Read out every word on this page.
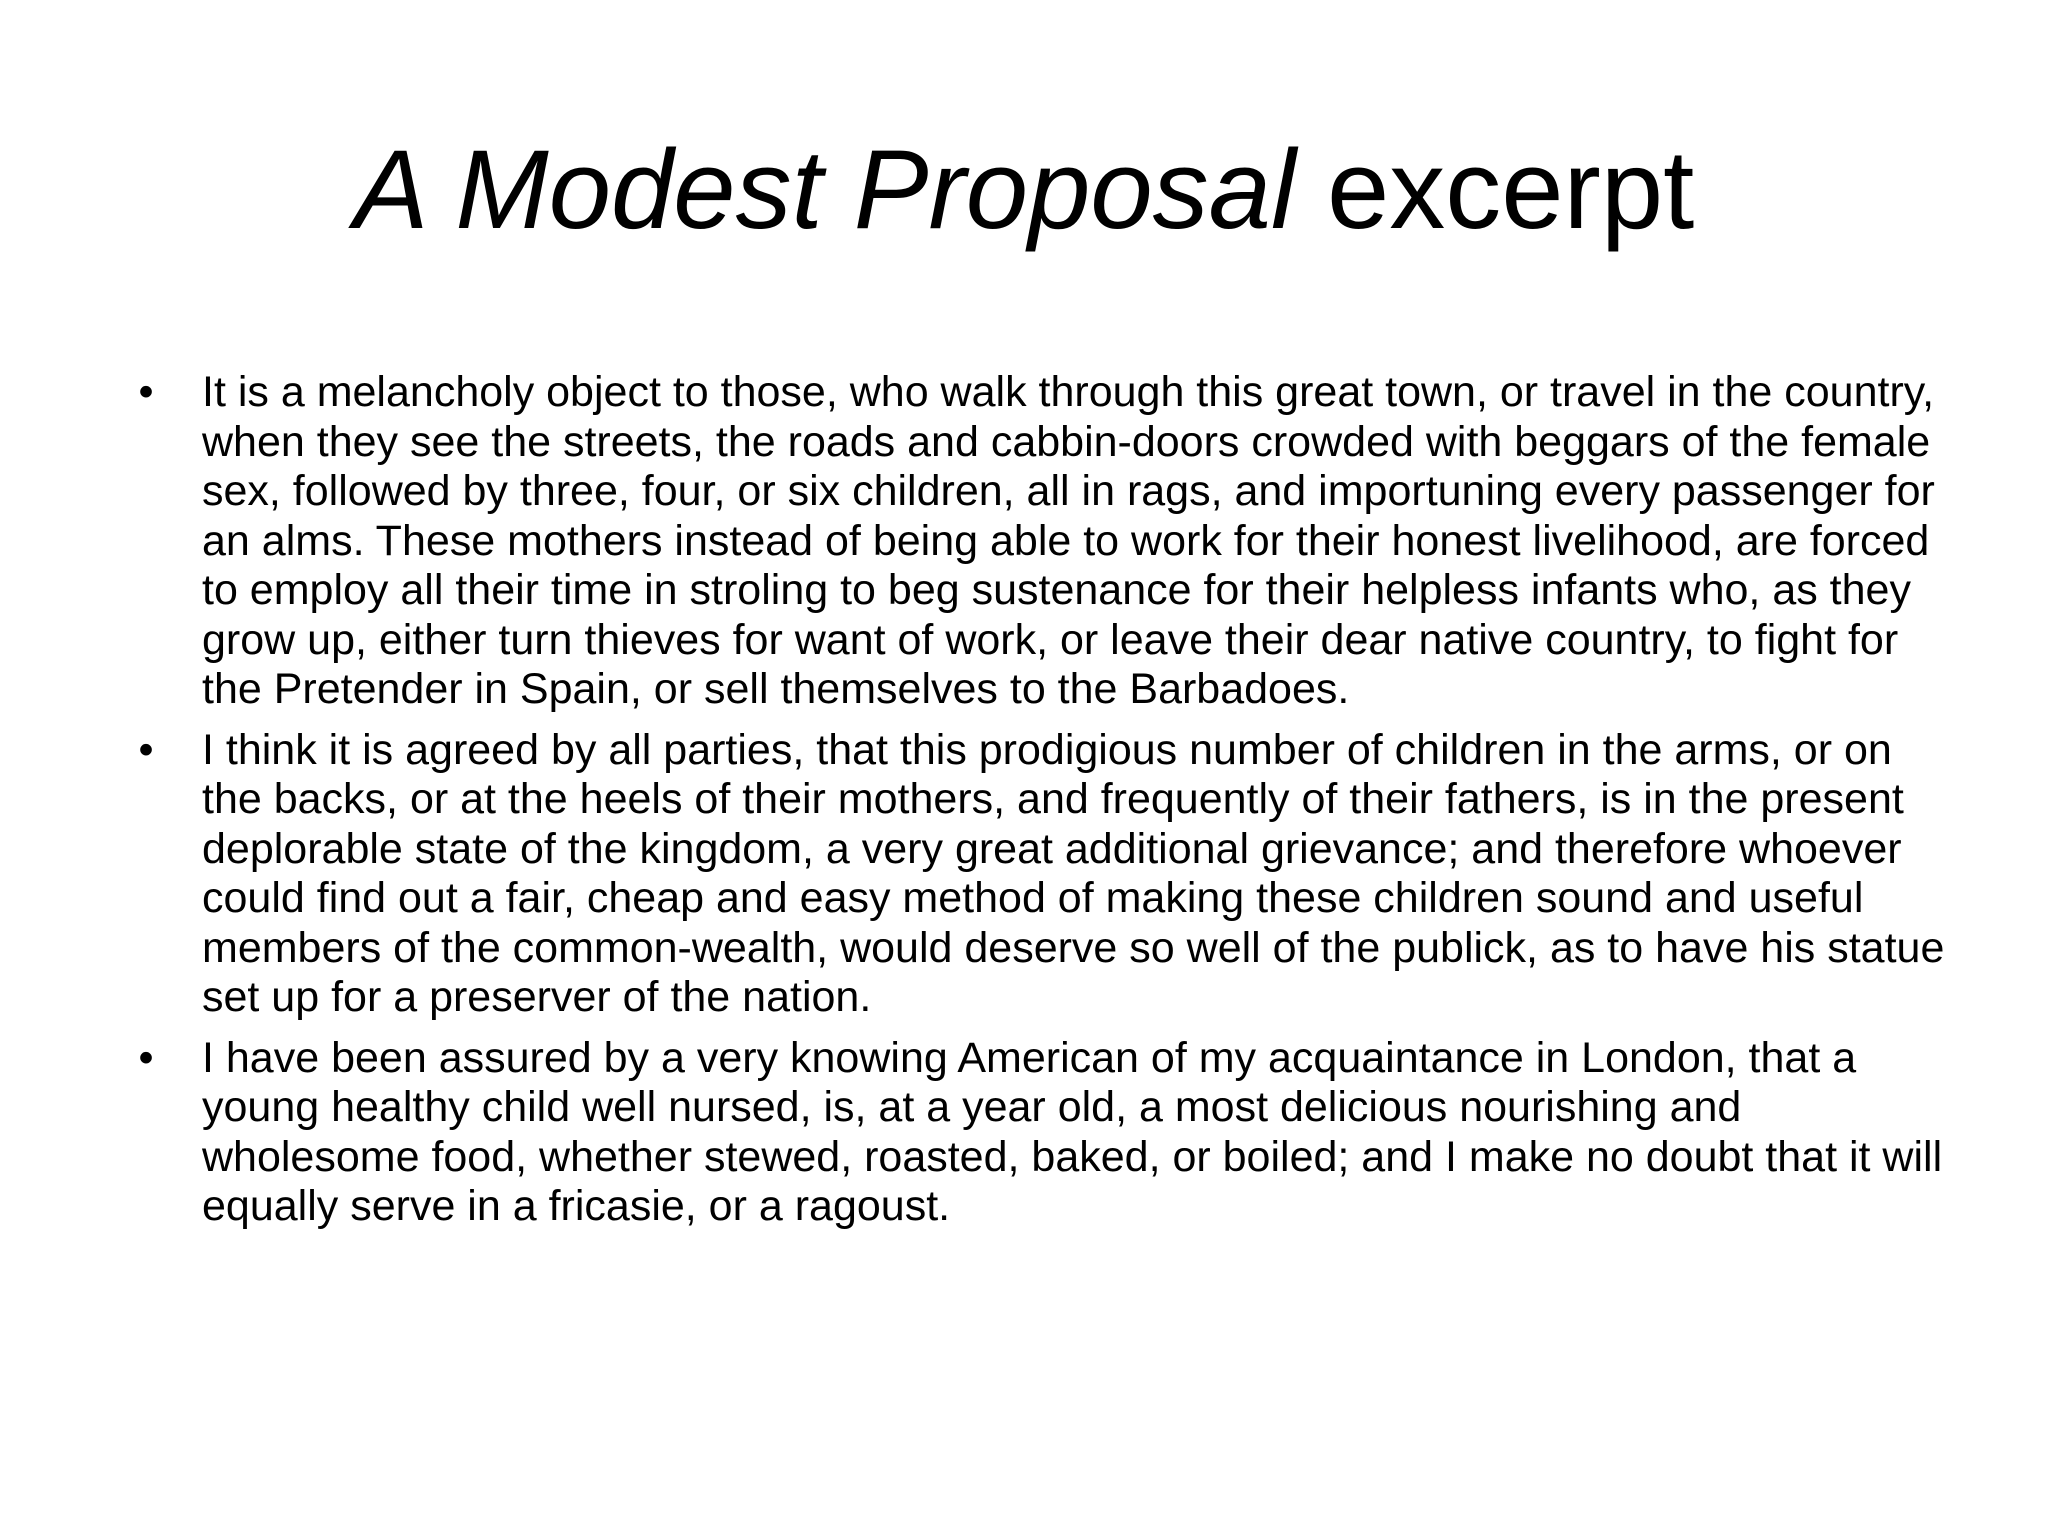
A Modest Proposal excerpt
• It is a melancholy object to those, who walk through this great town, or travel in the country, when they see the streets, the roads and cabbin-doors crowded with beggars of the female sex, followed by three, four, or six children, all in rags, and importuning every passenger for an alms. These mothers instead of being able to work for their honest livelihood, are forced to employ all their time in stroling to beg sustenance for their helpless infants who, as they grow up, either turn thieves for want of work, or leave their dear native country, to fight for the Pretender in Spain, or sell themselves to the Barbadoes.
• I think it is agreed by all parties, that this prodigious number of children in the arms, or on the backs, or at the heels of their mothers, and frequently of their fathers, is in the present deplorable state of the kingdom, a very great additional grievance; and therefore whoever could find out a fair, cheap and easy method of making these children sound and useful members of the common-wealth, would deserve so well of the publick, as to have his statue set up for a preserver of the nation.
• I have been assured by a very knowing American of my acquaintance in London, that a young healthy child well nursed, is, at a year old, a most delicious nourishing and wholesome food, whether stewed, roasted, baked, or boiled; and I make no doubt that it will equally serve in a fricasie, or a ragoust.
